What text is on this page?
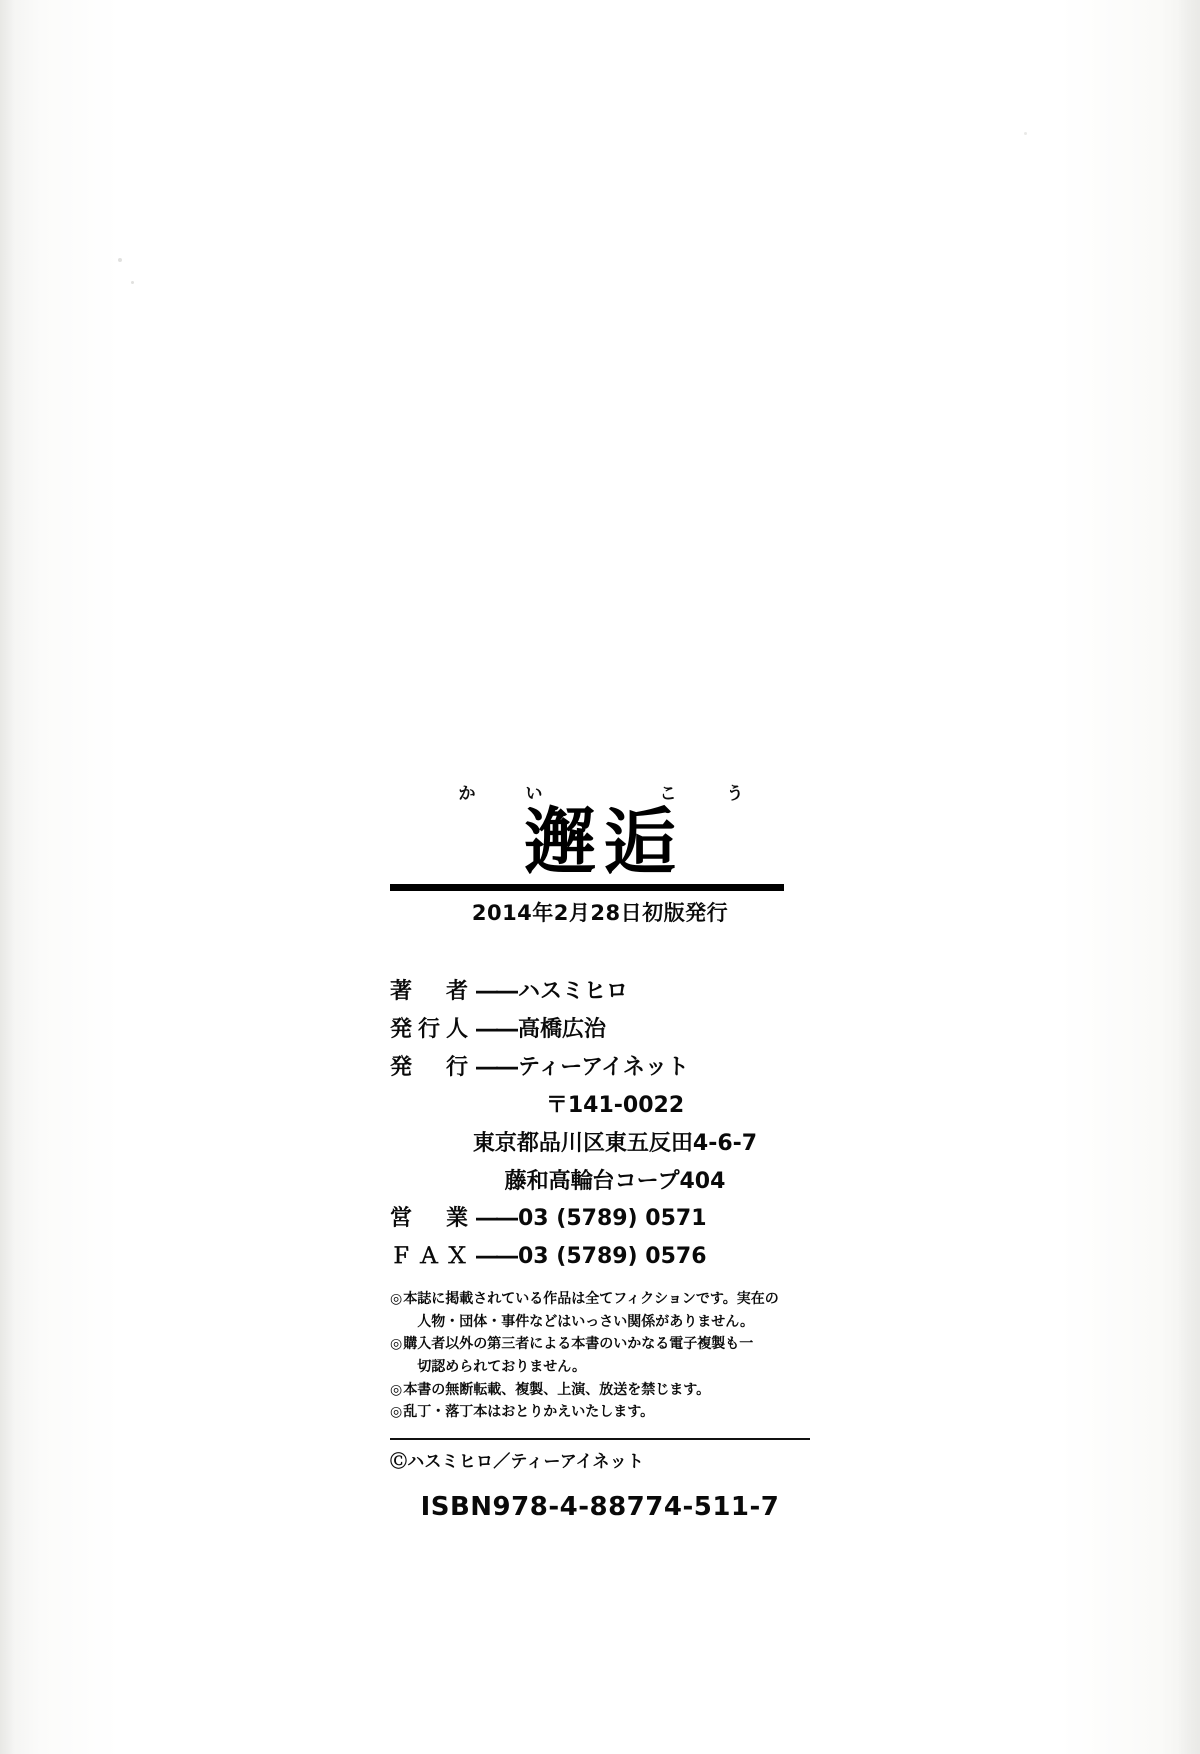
かい　こう
邂逅
2014年2月28日初版発行
著　者 ―― ハスミヒロ
発行人 ―― 高橋広治
発　行 ―― ティーアイネット
〒141-0022
東京都品川区東五反田4-6-7
藤和高輪台コープ404
営　業 ―― 03 (5789) 0571
ＦＡＸ ―― 03 (5789) 0576
◎ 本誌に掲載されている作品は全てフィクションです。実在の
人物・団体・事件などはいっさい関係がありません。
◎ 購入者以外の第三者による本書のいかなる電子複製も一
切認められておりません。
◎ 本書の無断転載、複製、上演、放送を禁じます。
◎ 乱丁・落丁本はおとりかえいたします。
Ⓒハスミヒロ／ティーアイネット
ISBN978-4-88774-511-7
